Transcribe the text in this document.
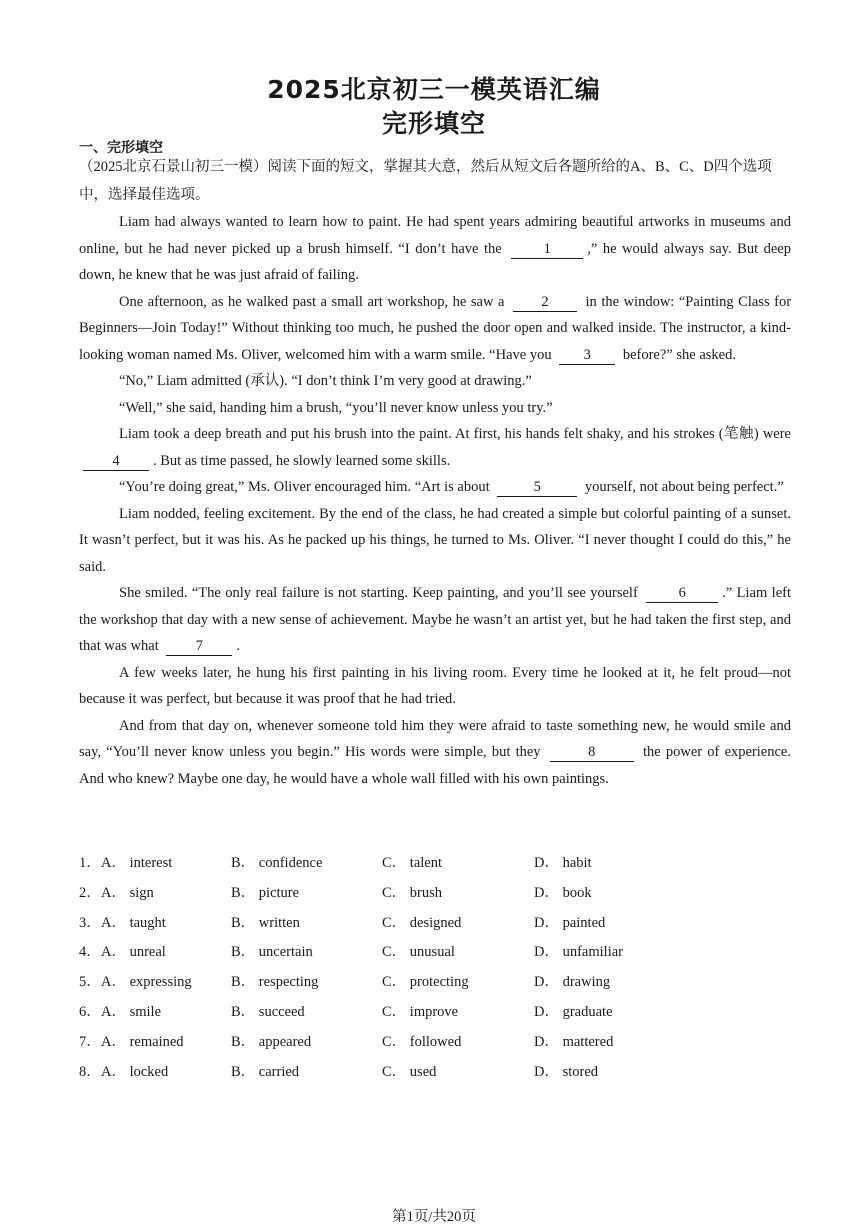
2025北京初三一模英语汇编
完形填空
一、完形填空
（2025北京石景山初三一模）阅读下面的短文，掌握其大意，然后从短文后各题所给的A、B、C、D四个选项中，选择最佳选项。

Liam had always wanted to learn how to paint. He had spent years admiring beautiful artworks in museums and online, but he had never picked up a brush himself. “I don’t have the	1	,” he would always say. But deep down, he knew that he was just afraid of failing.

One afternoon, as he walked past a small art workshop, he saw a	2	in the window: “Painting Class for Beginners—Join Today!” Without thinking too much, he pushed the door open and walked inside. The instructor, a kind-looking woman named Ms. Oliver, welcomed him with a warm smile. “Have you 3 before?” she asked.

“No,” Liam admitted (承认). “I don’t think I’m very good at drawing.”

“Well,” she said, handing him a brush, “you’ll never know unless you try.”

Liam took a deep breath and put his brush into the paint. At first, his hands felt shaky, and his strokes (笔触) were 4 . But as time passed, he slowly learned some skills.

“You’re doing great,” Ms. Oliver encouraged him. “Art is about	5	yourself, not about being perfect.”

Liam nodded, feeling excitement. By the end of the class, he had created a simple but colorful painting of a sunset. It wasn’t perfect, but it was his. As he packed up his things, he turned to Ms. Oliver. “I never thought I could do this,” he said.

She smiled. “The only real failure is not starting. Keep painting, and you’ll see yourself	6	.” Liam left the workshop that day with a new sense of achievement. Maybe he wasn’t an artist yet, but he had taken the first step, and that was what	7 .

A few weeks later, he hung his first painting in his living room. Every time he looked at it, he felt proud—not because it was perfect, but because it was proof that he had tried.

And from that day on, whenever someone told him they were afraid to taste something new, he would smile and say, “You’ll never know unless you begin.” His words were simple, but they	8	the power of experience. And who knew? Maybe one day, he would have a whole wall filled with his own paintings.

1． A． interest	B． confidence	C． talent	D． habit
2． A． sign	B． picture	C． brush	D． book
3． A． taught	B． written	C． designed	D． painted
4． A． unreal	B． uncertain	C． unusual	D． unfamiliar
5． A． expressing	B． respecting	C． protecting	D． drawing
6． A． smile	B． succeed	C． improve	D． graduate
7． A． remained	B． appeared	C． followed	D． mattered
8． A． locked	B． carried	C． used	D． stored
第1页/共20页
